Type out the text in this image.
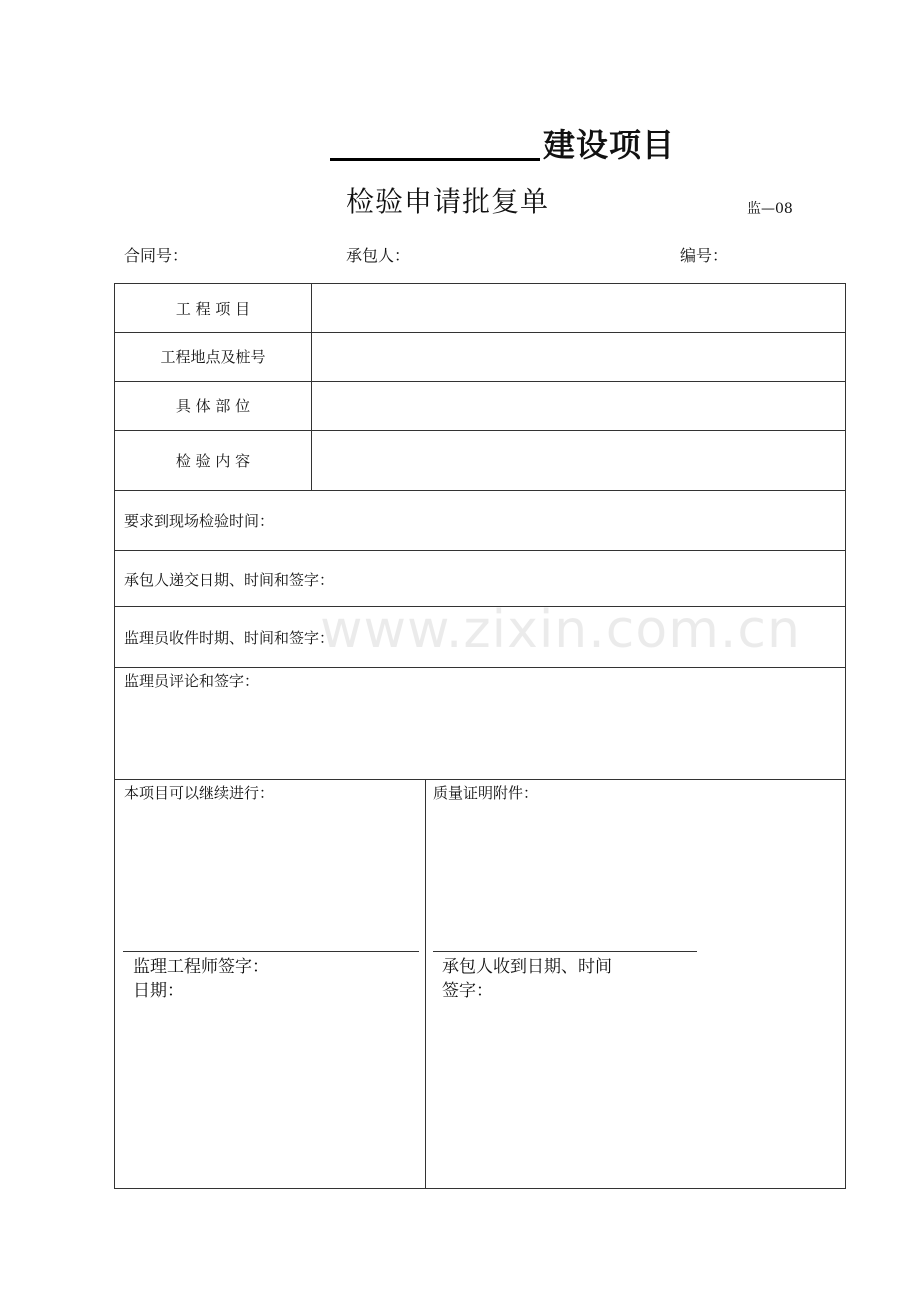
建设项目
检验申请批复单	监—08
合同号：	承包人：	编号：
工 程 项 目
工程地点及桩号
具 体 部 位
检 验 内 容
要求到现场检验时间：
承包人递交日期、时间和签字：
监理员收件时期、时间和签字：
监理员评论和签字：
本项目可以继续进行：	质量证明附件：
监理工程师签字：
日期：
承包人收到日期、时间
签字：
www.zixin.com.cn
